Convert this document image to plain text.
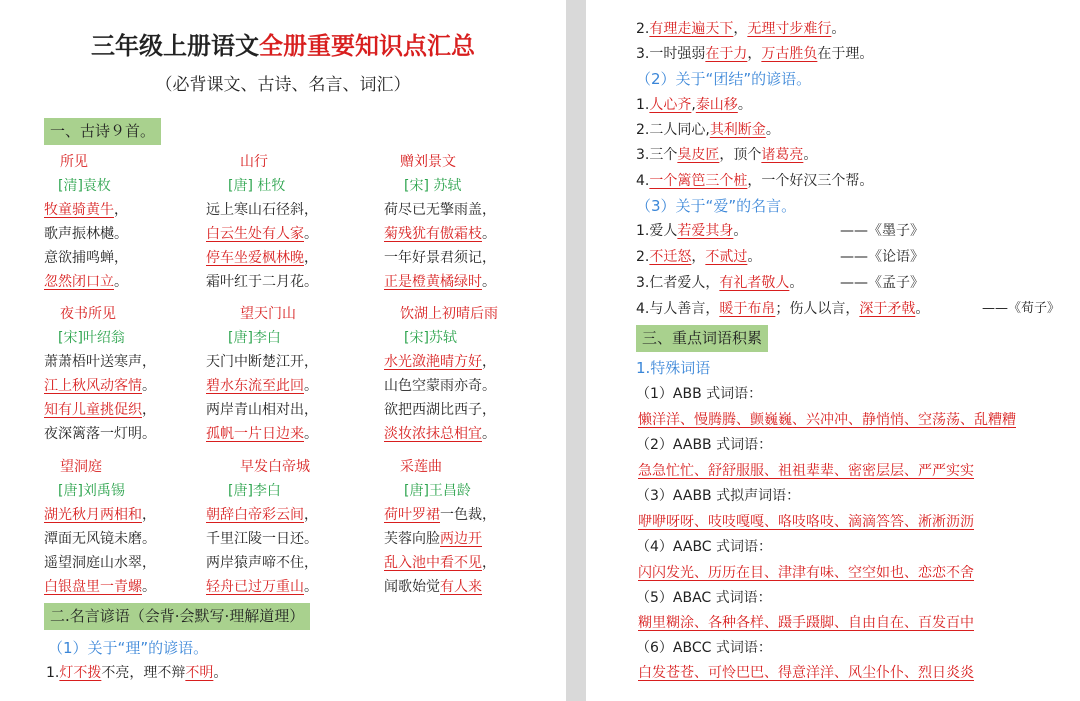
三年级上册语文全册重要知识点汇总
（必背课文、古诗、名言、词汇）
一、古诗９首。
所见
[清]袁枚
牧童骑黄牛，
歌声振林樾。
意欲捕鸣蝉，
忽然闭口立。
山行
[唐] 杜牧
远上寒山石径斜，
白云生处有人家。
停车坐爱枫林晚，
霜叶红于二月花。
赠刘景文
[宋] 苏轼
荷尽已无擎雨盖，
菊残犹有傲霜枝。
一年好景君须记，
正是橙黄橘绿时。
夜书所见
[宋]叶绍翁
萧萧梧叶送寒声，
江上秋风动客情。
知有儿童挑促织，
夜深篱落一灯明。
望天门山
[唐]李白
天门中断楚江开，
碧水东流至此回。
两岸青山相对出，
孤帆一片日边来。
饮湖上初晴后雨
[宋]苏轼
水光潋滟晴方好，
山色空蒙雨亦奇。
欲把西湖比西子，
淡妆浓抹总相宜。
望洞庭
[唐]刘禹锡
湖光秋月两相和，
潭面无风镜未磨。
遥望洞庭山水翠，
白银盘里一青螺。
早发白帝城
[唐]李白
朝辞白帝彩云间，
千里江陵一日还。
两岸猿声啼不住，
轻舟已过万重山。
采莲曲
[唐]王昌龄
荷叶罗裙一色裁，
芙蓉向脸两边开
乱入池中看不见，
闻歌始觉有人来
二.名言谚语（会背·会默写·理解道理）
（1）关于“理”的谚语。
1.灯不拨不亮，理不辩不明。
2.有理走遍天下，无理寸步难行。
3.一时强弱在于力，万古胜负在于理。
（2）关于“团结”的谚语。
1.人心齐,泰山移。
2.二人同心,其利断金。
3.三个臭皮匠，顶个诸葛亮。
4.一个篱笆三个桩，一个好汉三个帮。
（3）关于“爱”的名言。
1.爱人若爱其身。	——《墨子》
2.不迁怒，不贰过。	——《论语》
3.仁者爱人，有礼者敬人。	——《孟子》
4.与人善言，暖于布帛；伤人以言，深于矛戟。	——《荀子》
三、重点词语积累
1.特殊词语
（1）ABB 式词语：
懒洋洋、慢腾腾、颤巍巍、兴冲冲、静悄悄、空荡荡、乱糟糟
（2）AABB 式词语：
急急忙忙、舒舒服服、祖祖辈辈、密密层层、严严实实
（3）AABB 式拟声词语：
咿咿呀呀、吱吱嘎嘎、咯吱咯吱、滴滴答答、淅淅沥沥
（4）AABC 式词语：
闪闪发光、历历在目、津津有味、空空如也、恋恋不舍
（5）ABAC 式词语：
糊里糊涂、各种各样、蹑手蹑脚、自由自在、百发百中
（6）ABCC 式词语：
白发苍苍、可怜巴巴、得意洋洋、风尘仆仆、烈日炎炎
